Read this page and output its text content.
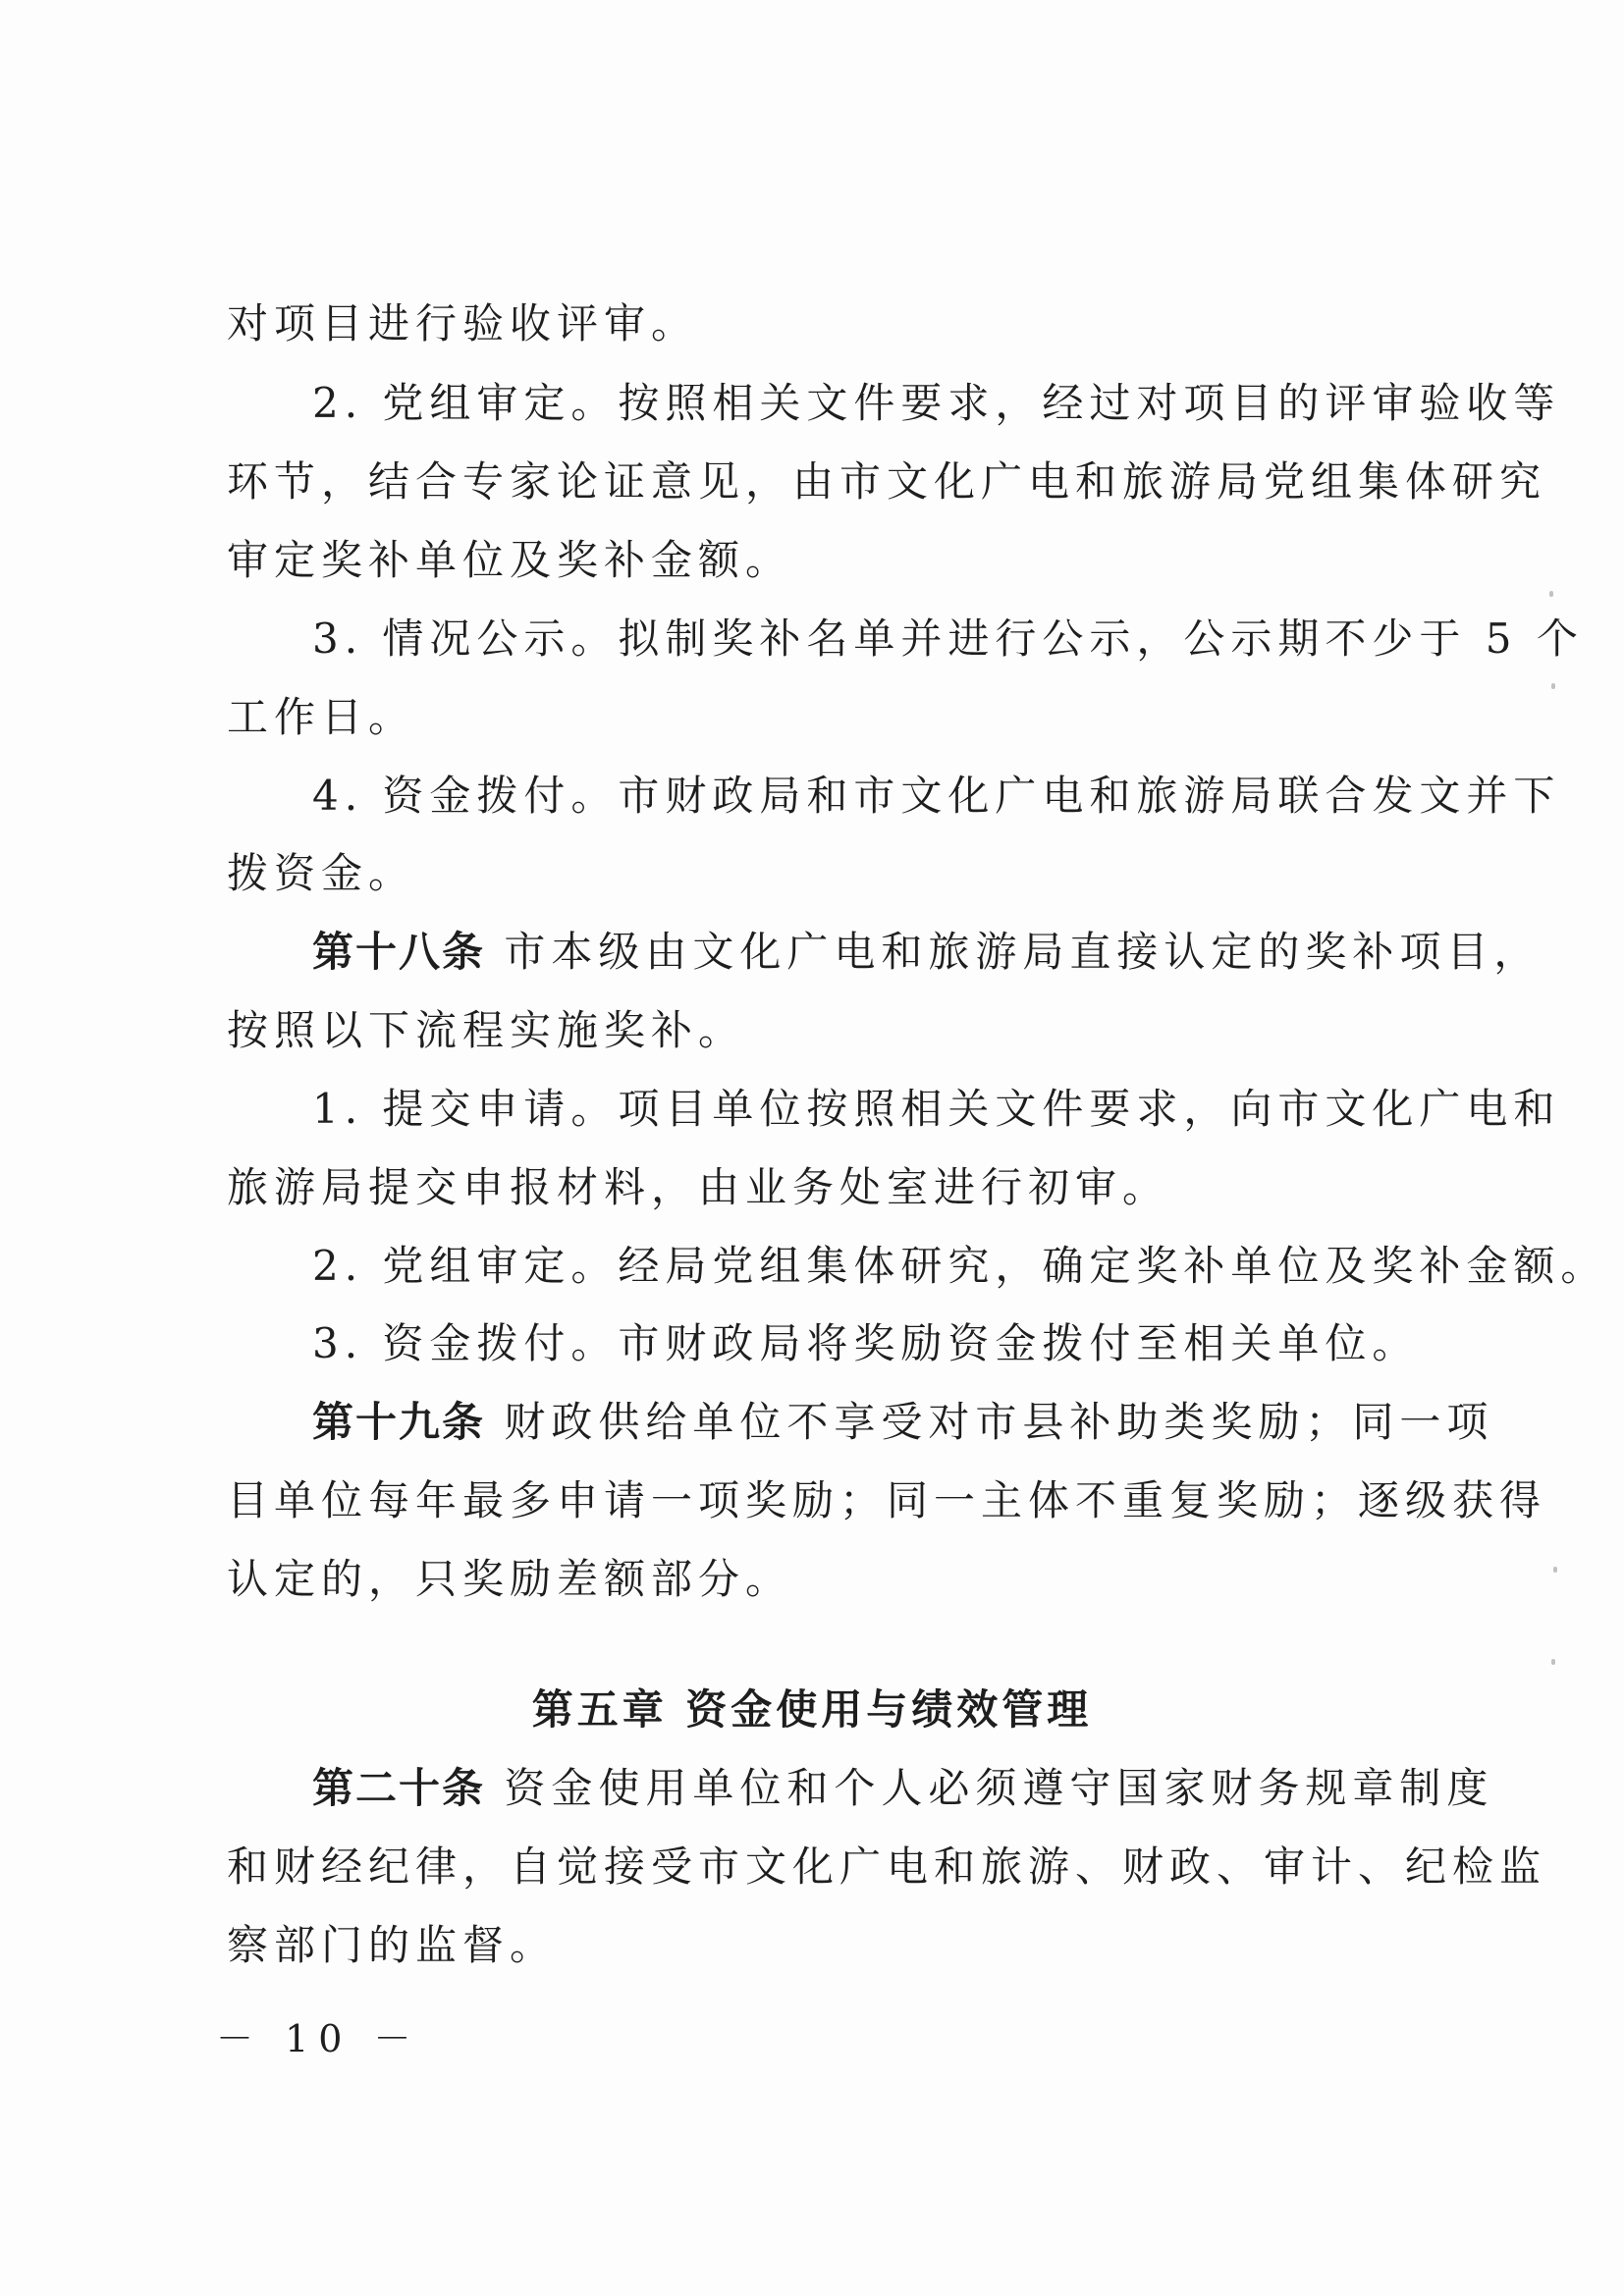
对项目进行验收评审。
2. 党组审定。按照相关文件要求，经过对项目的评审验收等
环节，结合专家论证意见，由市文化广电和旅游局党组集体研究
审定奖补单位及奖补金额。
3. 情况公示。拟制奖补名单并进行公示，公示期不少于 5 个
工作日。
4. 资金拨付。市财政局和市文化广电和旅游局联合发文并下
拨资金。
第十八条 市本级由文化广电和旅游局直接认定的奖补项目，
按照以下流程实施奖补。
1. 提交申请。项目单位按照相关文件要求，向市文化广电和
旅游局提交申报材料，由业务处室进行初审。
2. 党组审定。经局党组集体研究，确定奖补单位及奖补金额。
3. 资金拨付。市财政局将奖励资金拨付至相关单位。
第十九条 财政供给单位不享受对市县补助类奖励；同一项
目单位每年最多申请一项奖励；同一主体不重复奖励；逐级获得
认定的，只奖励差额部分。
第五章 资金使用与绩效管理
第二十条 资金使用单位和个人必须遵守国家财务规章制度
和财经纪律，自觉接受市文化广电和旅游、财政、审计、纪检监
察部门的监督。
－ 10 －
